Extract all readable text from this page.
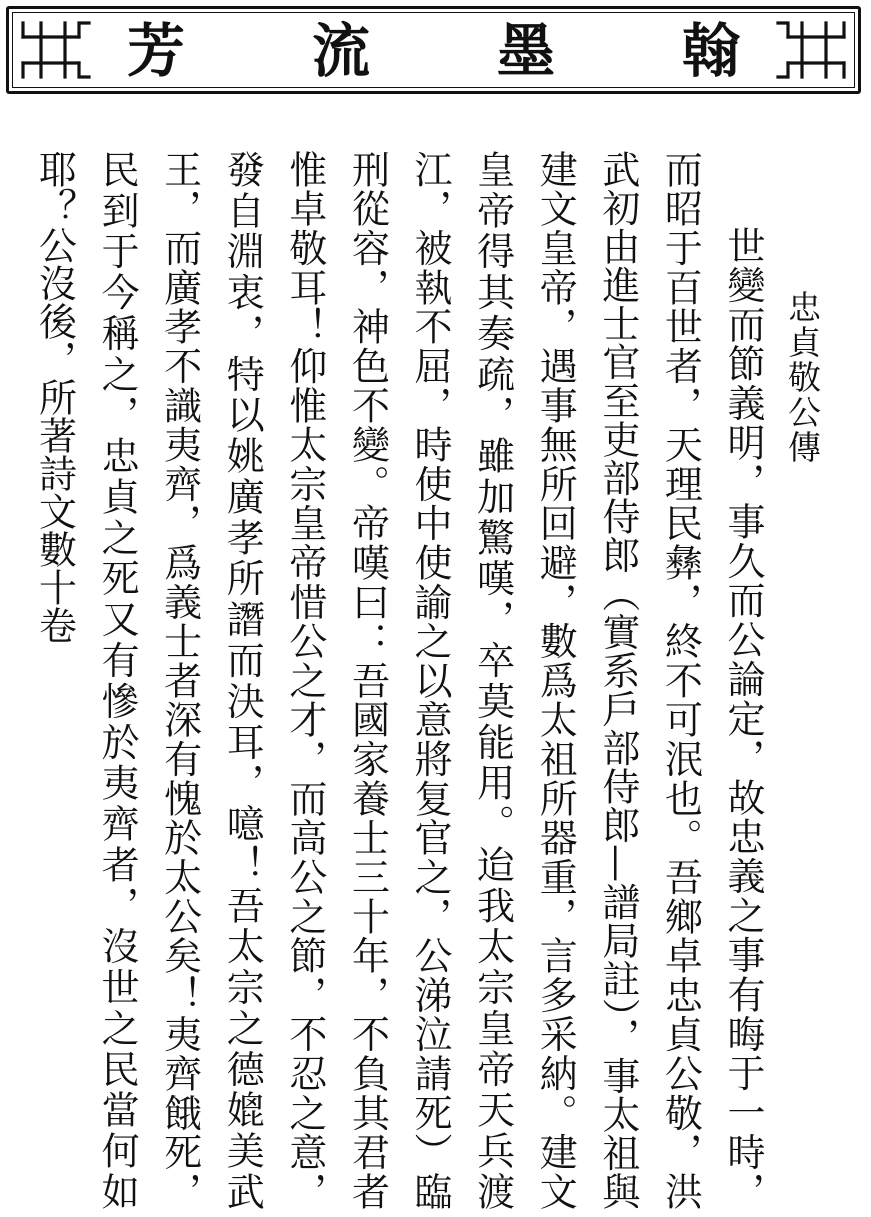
翰
墨
流
芳
忠貞敬公傳

世變而節義明，事久而公論定，故忠義之事有晦于一時，而昭于百世者，天理民彝，終不可泯也。吾鄉卓忠貞公敬，洪武初由進士官至吏部侍郎（實系戶部侍郎—譜局註），事太祖與建文皇帝，遇事無所回避，數爲太祖所器重，言多采納。建文皇帝得其奏疏，雖加驚嘆，卒莫能用。迨我太宗皇帝天兵渡江，被執不屈，時使中使諭之以意將复官之，公涕泣請死）臨刑從容，神色不變。帝嘆曰：吾國家養士三十年，不負其君者惟卓敬耳！仰惟太宗皇帝惜公之才，而高公之節，不忍之意，發自淵衷，特以姚廣孝所譖而決耳，噫！吾太宗之德媲美武王，而廣孝不識夷齊，爲義士者深有愧於太公矣！夷齊餓死，民到于今稱之，忠貞之死又有慘於夷齊者，沒世之民當何如耶？公沒後，所著詩文數十卷
